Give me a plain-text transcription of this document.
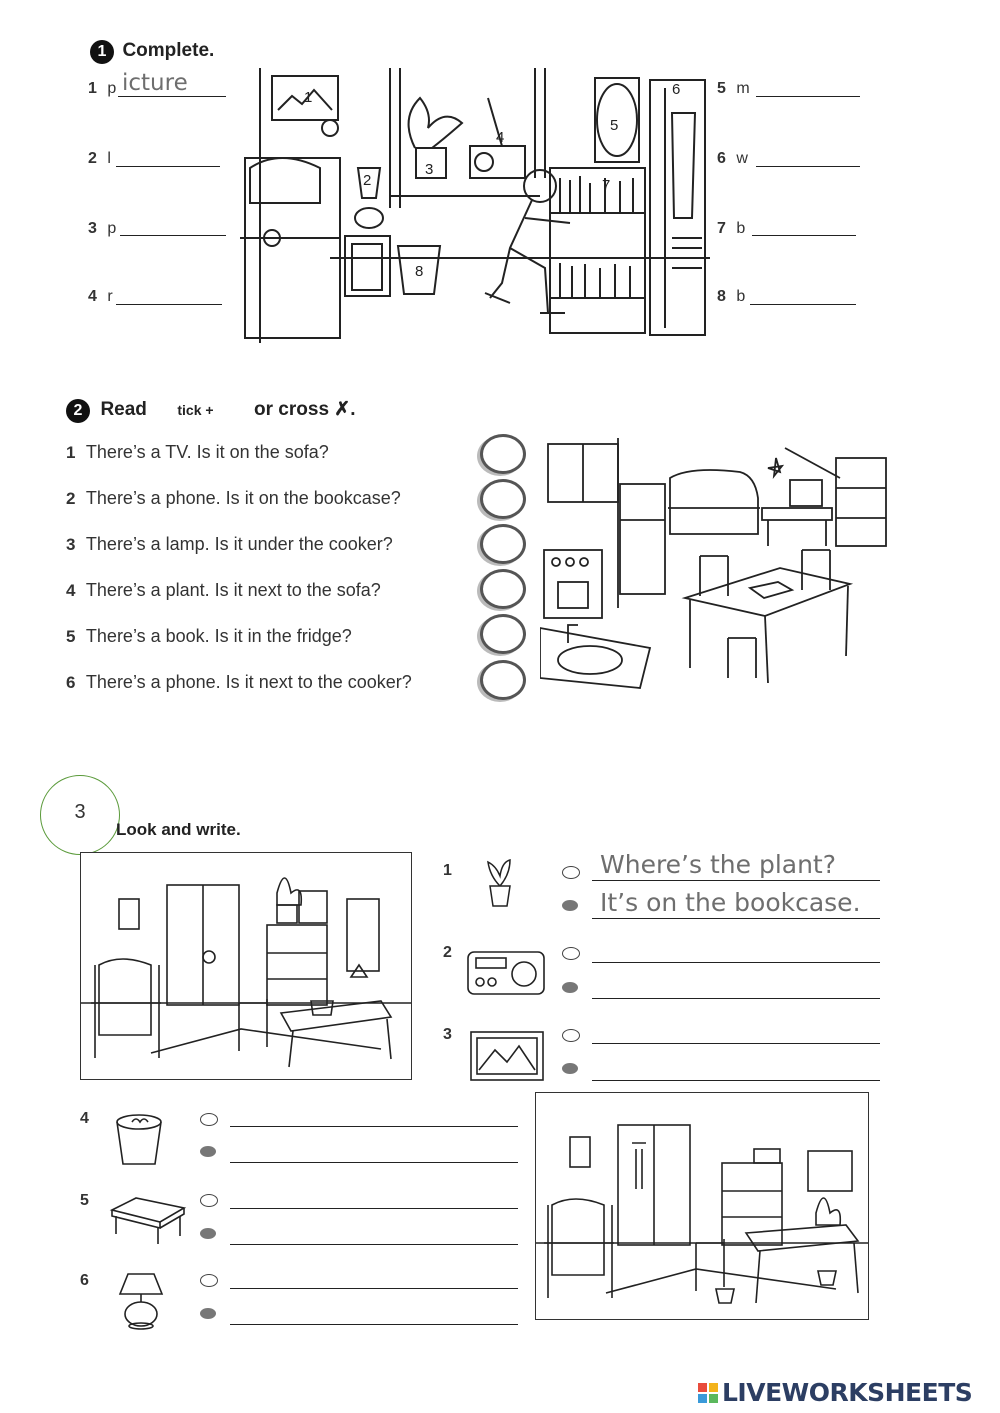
1 Complete.
1 p icture
2 l
3 p
4 r
5 m
6 w
7 b
8 b
1
2
3
4
5
6
7
8
2 Read tick + or cross ✗.
1 There’s a TV. Is it on the sofa?
2 There’s a phone. Is it on the bookcase?
3 There’s a lamp. Is it under the cooker?
4 There’s a plant. Is it next to the sofa?
5 There’s a book. Is it in the fridge?
6 There’s a phone. Is it next to the cooker?
3
Look and write.
1
2
3
Where’s the plant?
It’s on the bookcase.
4
5
6
LIVEWORKSHEETS
